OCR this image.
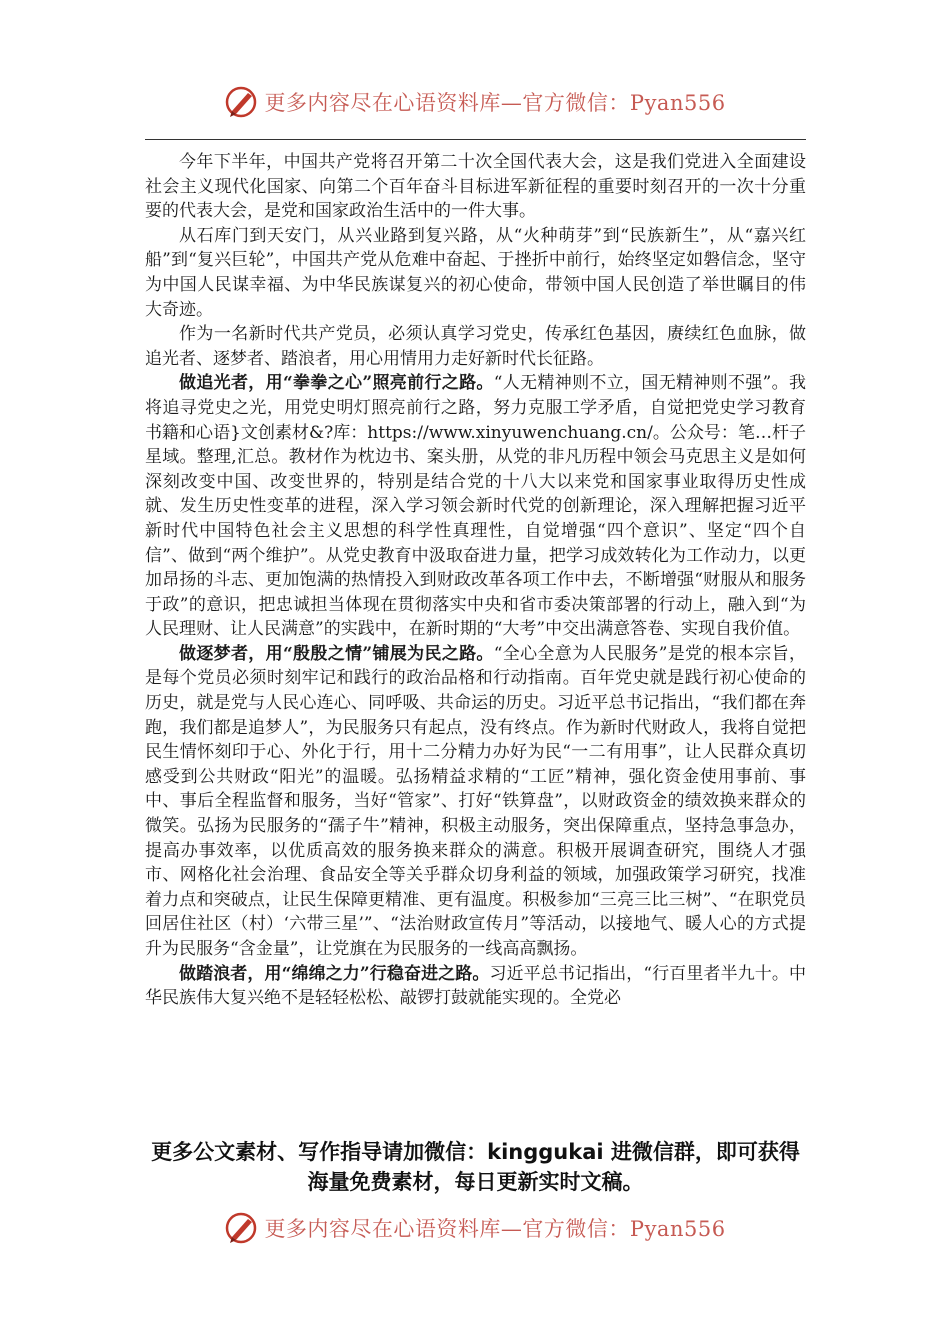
更多内容尽在心语资料库—官方微信：Pyan556

今年下半年，中国共产党将召开第二十次全国代表大会，这是我们党进入全面建设社会主义现代化国家、向第二个百年奋斗目标进军新征程的重要时刻召开的一次十分重要的代表大会，是党和国家政治生活中的一件大事。

从石库门到天安门，从兴业路到复兴路，从“火种萌芽”到“民族新生”，从“嘉兴红船”到“复兴巨轮”，中国共产党从危难中奋起、于挫折中前行，始终坚定如磐信念，坚守为中国人民谋幸福、为中华民族谋复兴的初心使命，带领中国人民创造了举世瞩目的伟大奇迹。

作为一名新时代共产党员，必须认真学习党史，传承红色基因，赓续红色血脉，做追光者、逐梦者、踏浪者，用心用情用力走好新时代长征路。

做追光者，用“拳拳之心”照亮前行之路。“人无精神则不立，国无精神则不强”。我将追寻党史之光，用党史明灯照亮前行之路，努力克服工学矛盾，自觉把党史学习教育书籍和心语}文创素材&?库：https://www.xinyuwenchuang.cn/。公众号：笔…杆子星域。整理,汇总。教材作为枕边书、案头册，从党的非凡历程中领会马克思主义是如何深刻改变中国、改变世界的，特别是结合党的十八大以来党和国家事业取得历史性成就、发生历史性变革的进程，深入学习领会新时代党的创新理论，深入理解把握习近平新时代中国特色社会主义思想的科学性真理性，自觉增强“四个意识”、坚定“四个自信”、做到“两个维护”。从党史教育中汲取奋进力量，把学习成效转化为工作动力，以更加昂扬的斗志、更加饱满的热情投入到财政改革各项工作中去，不断增强“财服从和服务于政”的意识，把忠诚担当体现在贯彻落实中央和省市委决策部署的行动上，融入到“为人民理财、让人民满意”的实践中，在新时期的“大考”中交出满意答卷、实现自我价值。

做逐梦者，用“殷殷之情”铺展为民之路。“全心全意为人民服务”是党的根本宗旨，是每个党员必须时刻牢记和践行的政治品格和行动指南。百年党史就是践行初心使命的历史，就是党与人民心连心、同呼吸、共命运的历史。习近平总书记指出，“我们都在奔跑，我们都是追梦人”，为民服务只有起点，没有终点。作为新时代财政人，我将自觉把民生情怀刻印于心、外化于行，用十二分精力办好为民“一二有用事”，让人民群众真切感受到公共财政“阳光”的温暖。弘扬精益求精的“工匠”精神，强化资金使用事前、事中、事后全程监督和服务，当好“管家”、打好“铁算盘”，以财政资金的绩效换来群众的微笑。弘扬为民服务的“孺子牛”精神，积极主动服务，突出保障重点，坚持急事急办，提高办事效率，以优质高效的服务换来群众的满意。积极开展调查研究，围绕人才强市、网格化社会治理、食品安全等关乎群众切身利益的领域，加强政策学习研究，找准着力点和突破点，让民生保障更精准、更有温度。积极参加“三亮三比三树”、“在职党员回居住社区（村）‘六带三星’”、“法治财政宣传月”等活动，以接地气、暖人心的方式提升为民服务“含金量”，让党旗在为民服务的一线高高飘扬。

做踏浪者，用“绵绵之力”行稳奋进之路。习近平总书记指出，“行百里者半九十。中华民族伟大复兴绝不是轻轻松松、敲锣打鼓就能实现的。全党必

更多公文素材、写作指导请加微信：kinggukai 进微信群，即可获得海量免费素材，每日更新实时文稿。
更多内容尽在心语资料库—官方微信：Pyan556
